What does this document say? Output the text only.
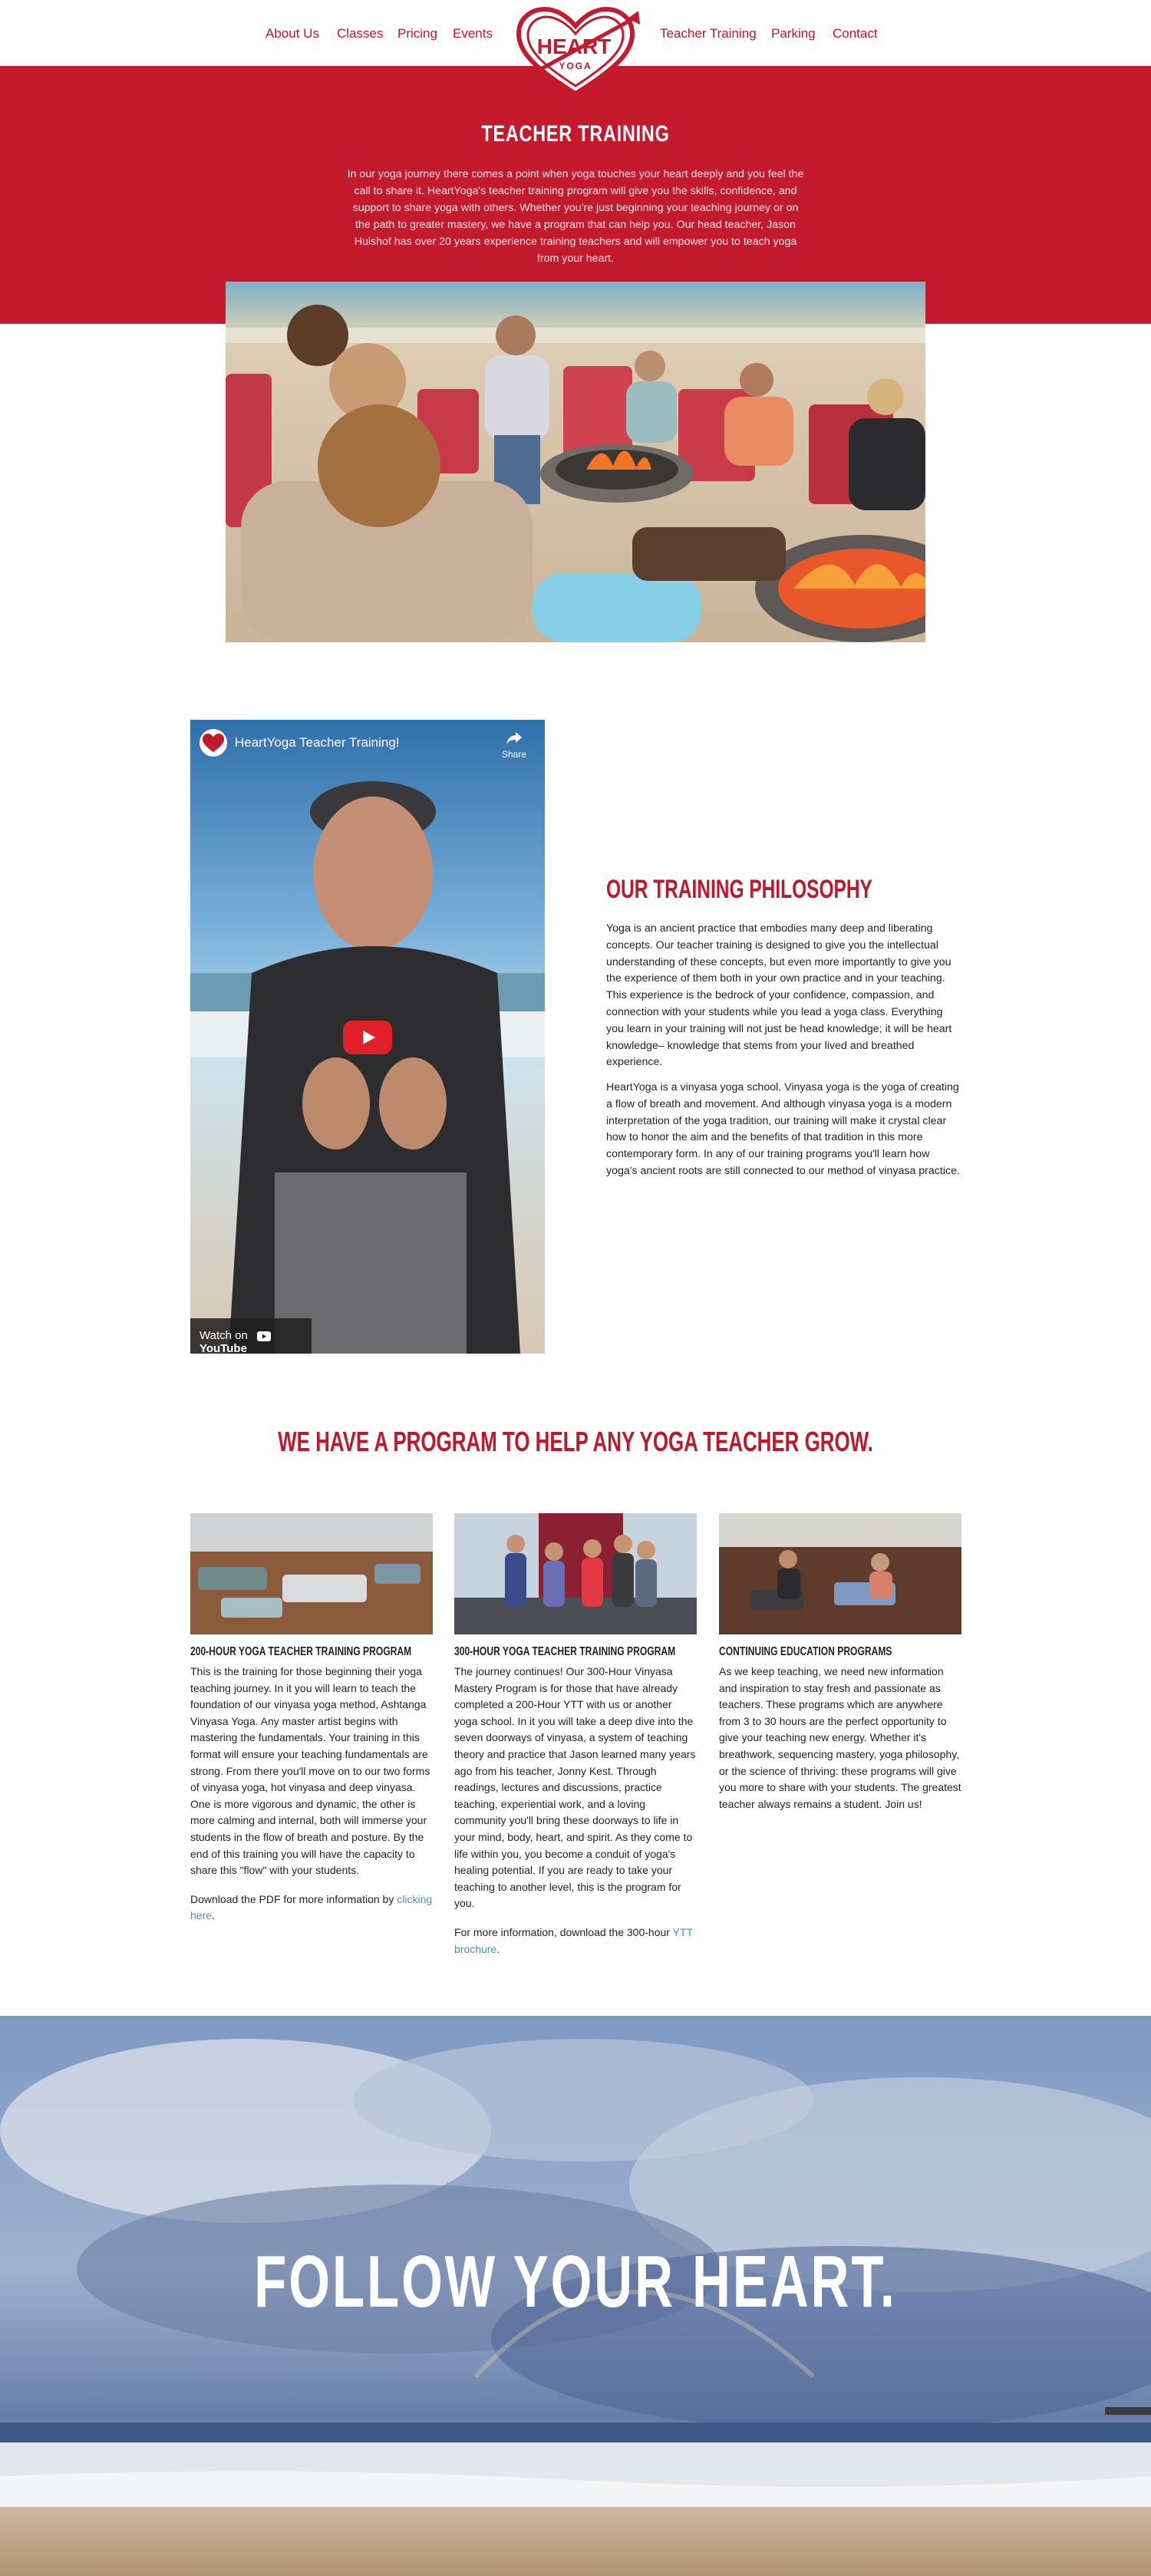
About Us Classes Pricing Events	Teacher Training Parking Contact
HEART
YOGA	™
TEACHER TRAINING

In our yoga journey there comes a point when yoga touches your heart deeply and you feel the call to share it. HeartYoga's teacher training program will give you the skills, confidence, and support to share yoga with others. Whether you're just beginning your teaching journey or on the path to greater mastery, we have a program that can help you. Our head teacher, Jason Hulshof has over 20 years experience training teachers and will empower you to teach yoga from your heart.

HeartYoga Teacher Training!
Share
Watch on  YouTube
OUR TRAINING PHILOSOPHY

Yoga is an ancient practice that embodies many deep and liberating concepts. Our teacher training is designed to give you the intellectual understanding of these concepts, but even more importantly to give you the experience of them both in your own practice and in your teaching. This experience is the bedrock of your confidence, compassion, and connection with your students while you lead a yoga class. Everything you learn in your training will not just be head knowledge; it will be heart knowledge– knowledge that stems from your lived and breathed experience.

HeartYoga is a vinyasa yoga school. Vinyasa yoga is the yoga of creating a flow of breath and movement. And although vinyasa yoga is a modern interpretation of the yoga tradition, our training will make it crystal clear how to honor the aim and the benefits of that tradition in this more contemporary form. In any of our training programs you'll learn how yoga's ancient roots are still connected to our method of vinyasa practice.

WE HAVE A PROGRAM TO HELP ANY YOGA TEACHER GROW.
200-HOUR YOGA TEACHER TRAINING PROGRAM

This is the training for those beginning their yoga teaching journey. In it you will learn to teach the foundation of our vinyasa yoga method, Ashtanga Vinyasa Yoga. Any master artist begins with mastering the fundamentals. Your training in this format will ensure your teaching fundamentals are strong. From there you'll move on to our two forms of vinyasa yoga, hot vinyasa and deep vinyasa. One is more vigorous and dynamic, the other is more calming and internal, both will immerse your students in the flow of breath and posture. By the end of this training you will have the capacity to share this "flow" with your students.

Download the PDF for more information by clicking here.

300-HOUR YOGA TEACHER TRAINING PROGRAM

The journey continues! Our 300-Hour Vinyasa Mastery Program is for those that have already completed a 200-Hour YTT with us or another yoga school. In it you will take a deep dive into the seven doorways of vinyasa, a system of teaching theory and practice that Jason learned many years ago from his teacher, Jonny Kest. Through readings, lectures and discussions, practice teaching, experiential work, and a loving community you'll bring these doorways to life in your mind, body, heart, and spirit. As they come to life within you, you become a conduit of yoga's healing potential. If you are ready to take your teaching to another level, this is the program for you.

For more information, download the 300-hour YTT brochure.

CONTINUING EDUCATION PROGRAMS

As we keep teaching, we need new information and inspiration to stay fresh and passionate as teachers. These programs which are anywhere from 3 to 30 hours are the perfect opportunity to give your teaching new energy. Whether it's breathwork, sequencing mastery, yoga philosophy, or the science of thriving: these programs will give you more to share with your students. The greatest teacher always remains a student. Join us!

FOLLOW YOUR HEART.
